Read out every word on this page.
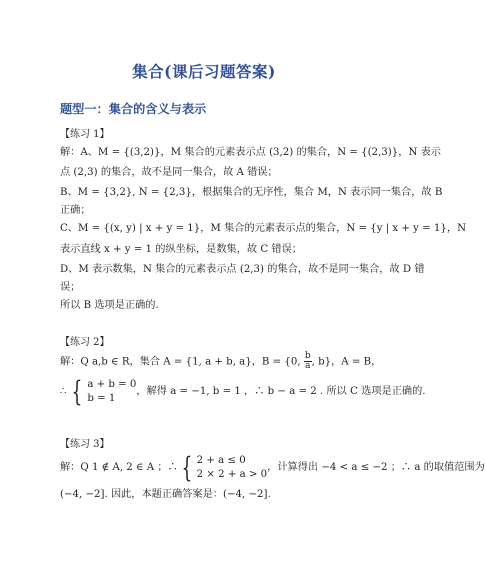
集合(课后习题答案)
题型一：集合的含义与表示
【练习 1】
解：A、M = {(3,2)}，M 集合的元素表示点 (3,2) 的集合，N = {(2,3)}，N 表示
点 (2,3) 的集合，故不是同一集合，故 A 错误；
B、M = {3,2}, N = {2,3}，根据集合的无序性，集合 M，N 表示同一集合，故 B
正确；
C、M = {(x, y) | x + y = 1}，M 集合的元素表示点的集合，N = {y | x + y = 1}，N
表示直线 x + y = 1 的纵坐标，是数集，故 C 错误；
D、M 表示数集，N 集合的元素表示点 (2,3) 的集合，故不是同一集合，故 D 错
误；
所以 B 选项是正确的.
【练习 2】
解：Q a,b ∈ R，集合 A = {1, a + b, a}，B = {0, $\frac{b}{a}$ , b}，A = B，
∴ { a + b = 0
b = 1
，解得 a = −1, b = 1 ，∴ b − a = 2 . 所以 C 选项是正确的.
【练习 3】
解：Q 1 ∉ A, 2 ∈ A ；∴ { 2 + a ≤ 0
2 × 2 + a > 0
，计算得出 −4 < a ≤ −2 ；∴ a 的取值范围为
(−4, −2]. 因此，本题正确答案是：(−4, −2].
